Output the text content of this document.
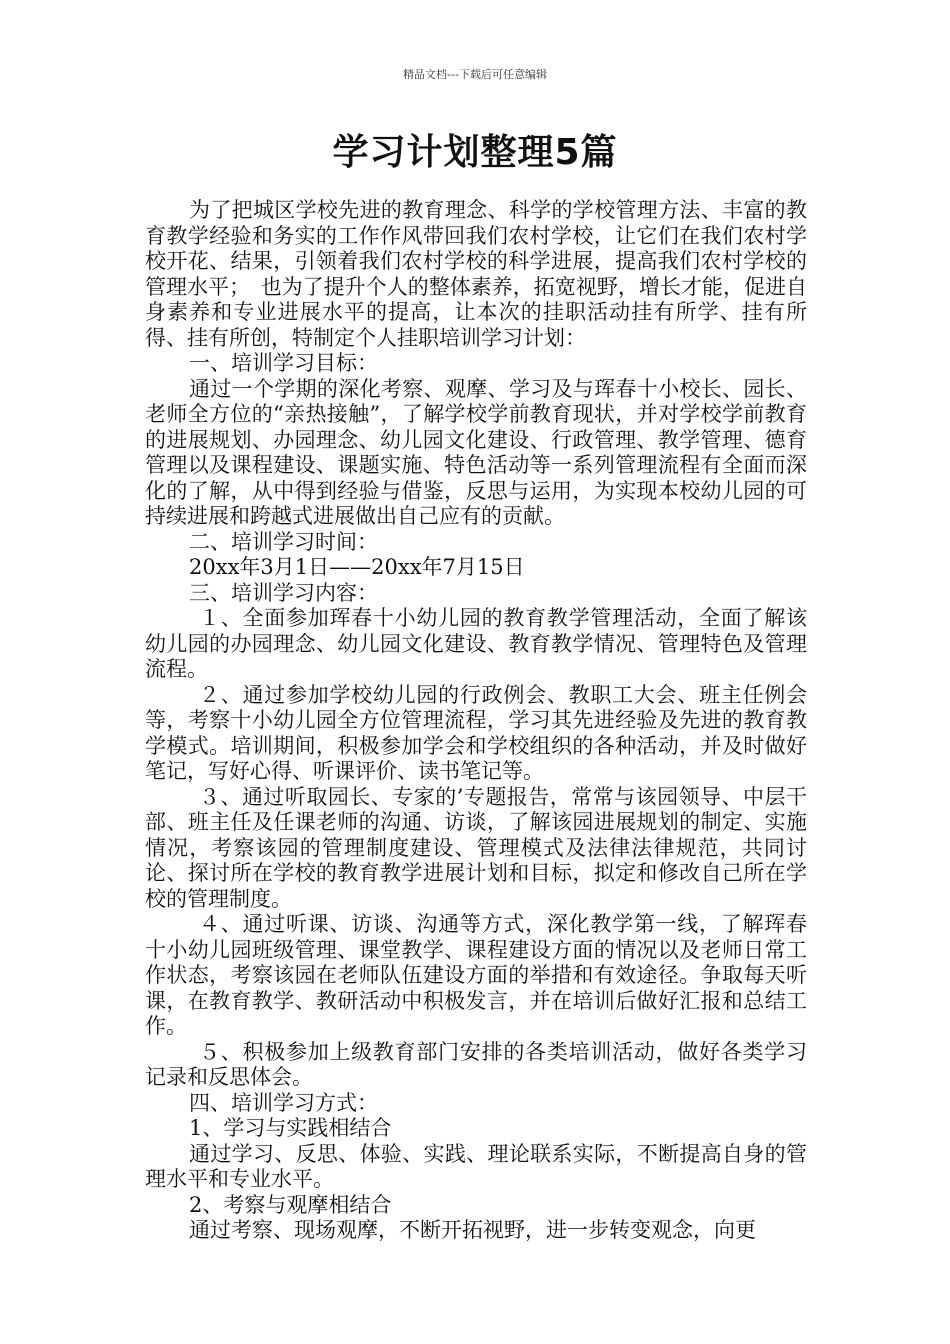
精品文档---下载后可任意编辑
学习计划整理5篇

为了把城区学校先进的教育理念、科学的学校管理方法、丰富的教育教学经验和务实的工作作风带回我们农村学校，让它们在我们农村学校开花、结果，引领着我们农村学校的科学进展，提高我们农村学校的管理水平；　也为了提升个人的整体素养，拓宽视野，增长才能，促进自身素养和专业进展水平的提高，让本次的挂职活动挂有所学、挂有所得、挂有所创，特制定个人挂职培训学习计划：

一、培训学习目标：

通过一个学期的深化考察、观摩、学习及与珲春十小校长、园长、老师全方位的“亲热接触”，了解学校学前教育现状，并对学校学前教育的进展规划、办园理念、幼儿园文化建设、行政管理、教学管理、德育管理以及课程建设、课题实施、特色活动等一系列管理流程有全面而深化的了解，从中得到经验与借鉴，反思与运用，为实现本校幼儿园的可持续进展和跨越式进展做出自己应有的贡献。

二、培训学习时间：

20xx年3月1日——20xx年7月15日

三、培训学习内容：

１、全面参加珲春十小幼儿园的教育教学管理活动，全面了解该幼儿园的办园理念、幼儿园文化建设、教育教学情况、管理特色及管理流程。

２、通过参加学校幼儿园的行政例会、教职工大会、班主任例会等，考察十小幼儿园全方位管理流程，学习其先进经验及先进的教育教学模式。培训期间，积极参加学会和学校组织的各种活动，并及时做好笔记，写好心得、听课评价、读书笔记等。

３、通过听取园长、专家的’专题报告，常常与该园领导、中层干部、班主任及任课老师的沟通、访谈，了解该园进展规划的制定、实施情况，考察该园的管理制度建设、管理模式及法律法律规范，共同讨论、探讨所在学校的教育教学进展计划和目标，拟定和修改自己所在学校的管理制度。

４、通过听课、访谈、沟通等方式，深化教学第一线，了解珲春十小幼儿园班级管理、课堂教学、课程建设方面的情况以及老师日常工作状态，考察该园在老师队伍建设方面的举措和有效途径。争取每天听课，在教育教学、教研活动中积极发言，并在培训后做好汇报和总结工作。

５、积极参加上级教育部门安排的各类培训活动，做好各类学习记录和反思体会。

四、培训学习方式：

1、学习与实践相结合

通过学习、反思、体验、实践、理论联系实际，不断提高自身的管理水平和专业水平。

2、考察与观摩相结合

通过考察、现场观摩，不断开拓视野，进一步转变观念，向更
